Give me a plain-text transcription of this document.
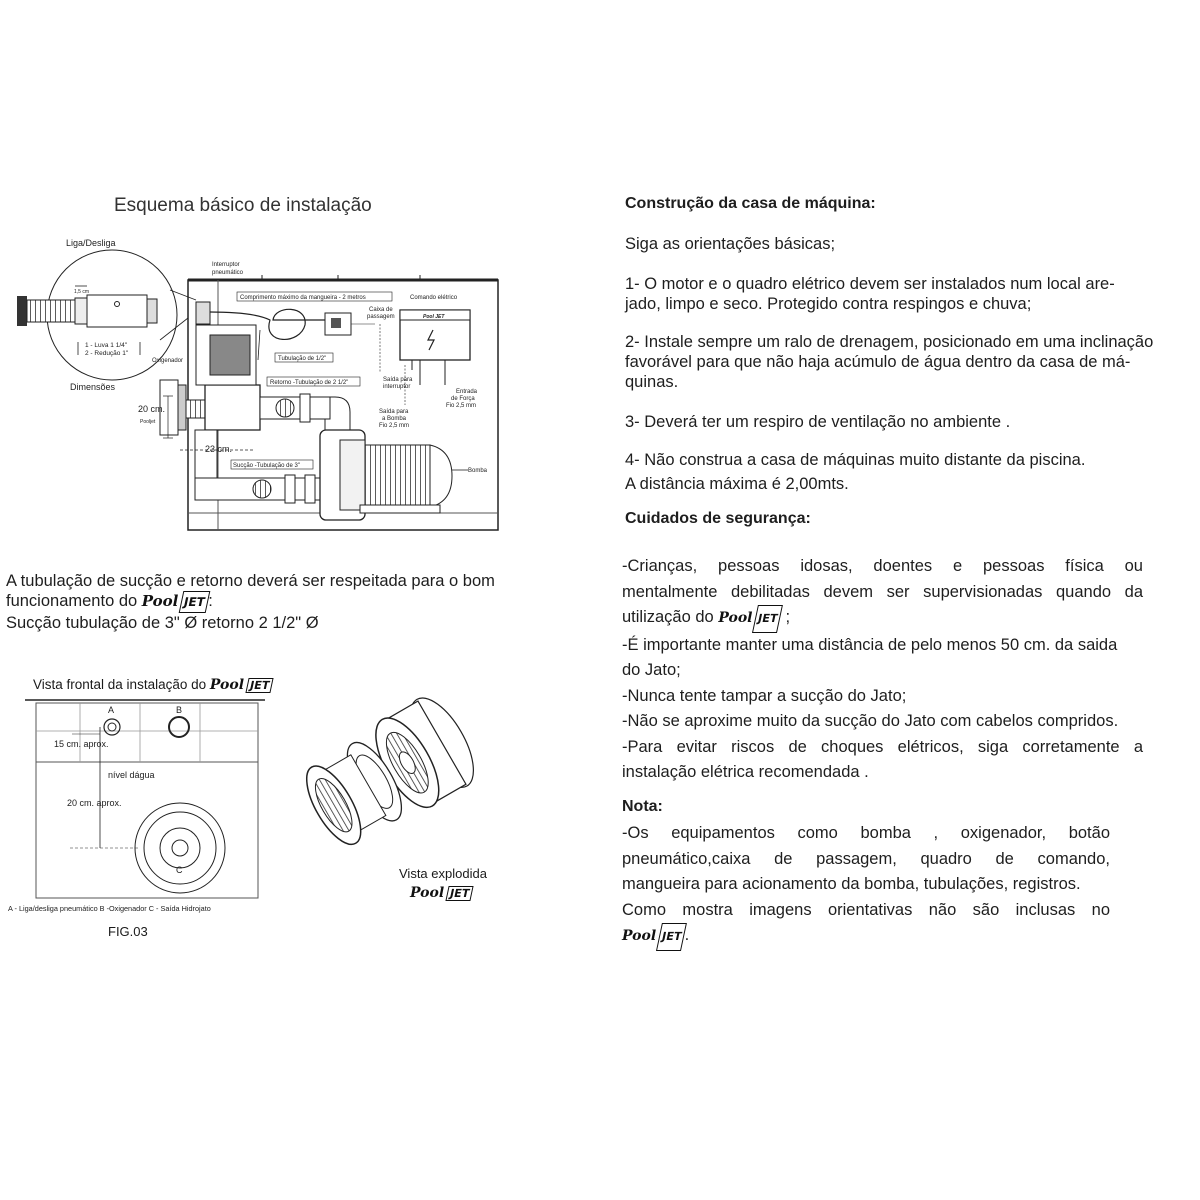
Esquema básico de instalação
Liga/Desliga
1,5 cm
1 - Luva 1 1/4"
2 - Redução 1"
Dimensões
Pool JET
Interruptor
pneumático
Oxigenador
Comprimento máximo da mangueira - 2 metros
Caixa de
passagem
Comando elétrico
Tubulação de 1/2"
Retorno -Tubulação de 2 1/2"	Saída para
interruptor
Entrada
de Força
Fio 2,5 mm
Saída para
a Bomba
Fio 2,5 mm
20 cm.
Pooljet
23 cm.
Sucção -Tubulação de 3"
Bomba
A tubulação de sucção e retorno deverá ser respeitada para o bom
funcionamento do Pool JET:
Sucção tubulação de 3" Ø retorno 2 1/2" Ø
Vista frontal da instalação do Pool JET
A	B
C
15 cm. aprox.
nível dágua
20 cm. aprox.
A - Liga/desliga pneumático B -Oxigenador C - Saída Hidrojato
FIG.03
Vista explodida
Pool JET
Construção da casa de máquina:
Siga as orientações básicas;
1- O motor e o quadro elétrico devem ser instalados num local are-
jado, limpo e seco. Protegido contra respingos e chuva;
2- Instale sempre um ralo de drenagem, posicionado em uma inclinação
favorável para que não haja acúmulo de água dentro da casa de má-
quinas.
3- Deverá ter um respiro de ventilação no ambiente .
4- Não construa a casa de máquinas muito distante da piscina.
A distância máxima é 2,00mts.
Cuidados de segurança:
-Crianças, pessoas idosas, doentes e pessoas física ou
mentalmente debilitadas devem ser supervisionadas quando da
utilização do Pool JET ;
-É importante manter uma distância de pelo menos 50 cm. da saida
do Jato;
-Nunca tente tampar a sucção do Jato;
-Não se aproxime muito da sucção do Jato com cabelos compridos.
-Para evitar riscos de choques elétricos, siga corretamente a
instalação elétrica recomendada .
Nota:
-Os equipamentos como bomba , oxigenador, botão
pneumático,caixa de passagem, quadro de comando,
mangueira para acionamento da bomba, tubulações, registros.
Como mostra imagens orientativas não são inclusas no
Pool JET.
